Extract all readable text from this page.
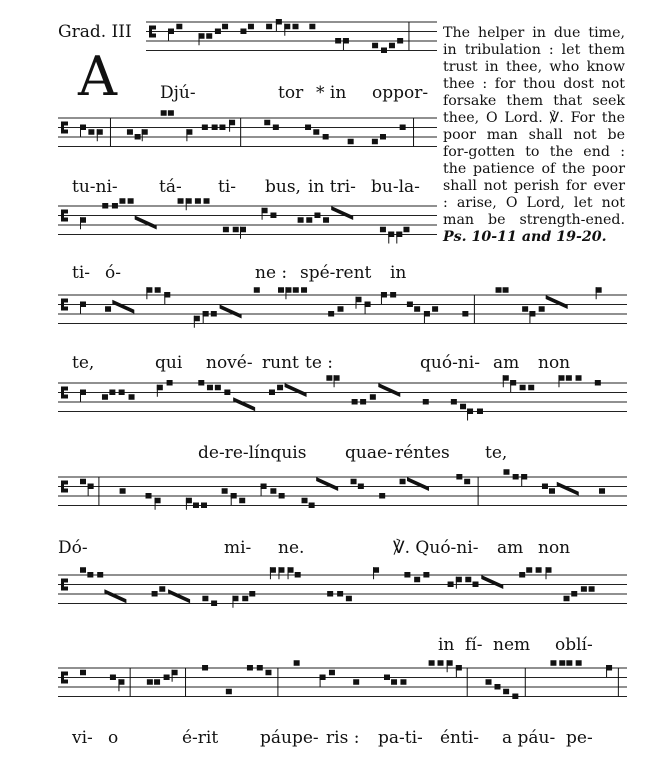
Grad. III
A
The helper in due time, in tribulation : let them trust in thee, who know thee : for thou dost not forsake them that seek thee, O Lord. ℣. For the poor man shall not be for-gotten to the end : the patience of the poor shall not perish for ever : arise, O Lord, let not man be strength-ened. Ps. 10-11 and 19-20.
Djú-	tor * in oppor-
tu-ni- tá- ti- bus, in tri- bu-la-
ti- ó-	ne : spé-rent in
te,	qui nové- runt te :	quó-ni- am non
de-re-línquis quae- réntes te,
Dó-	mi- ne.	℣. Quó-ni- am non
in fí- nem oblí-
vi- o	é-rit páupe- ris : pa-ti- énti- a páu- pe-
